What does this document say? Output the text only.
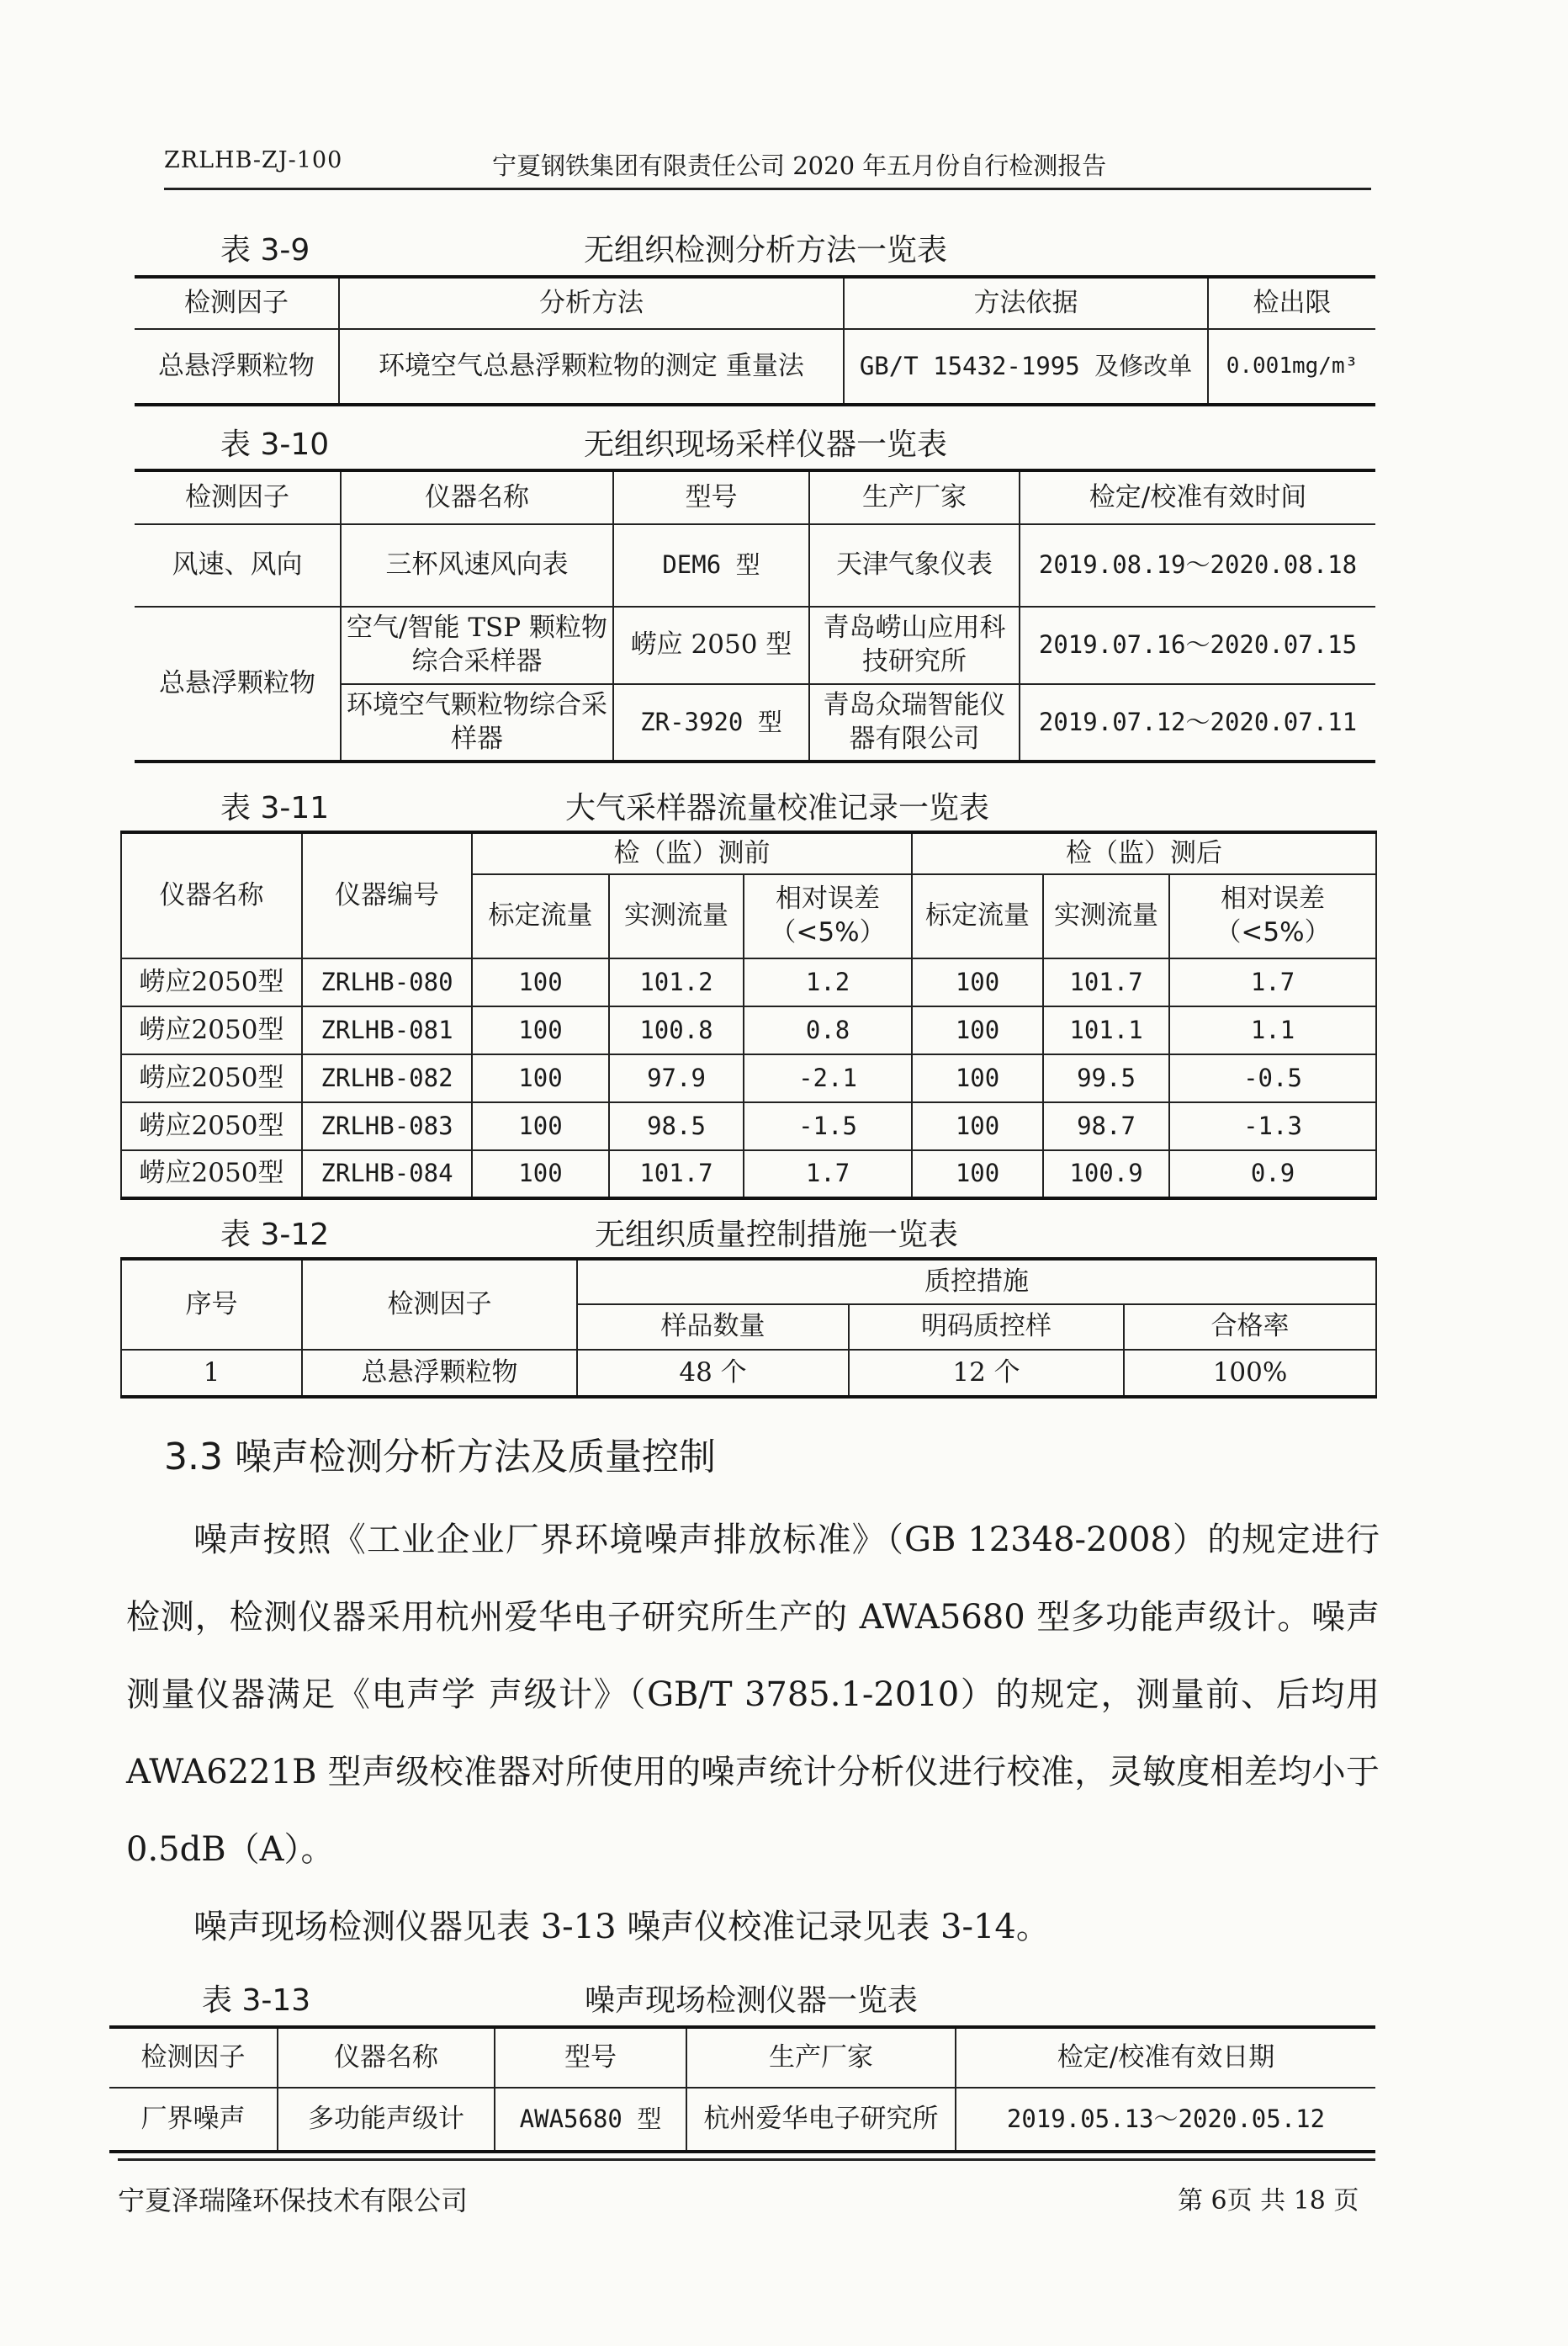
ZRLHB-ZJ-100	宁夏钢铁集团有限责任公司 2020 年五月份自行检测报告
表 3-9	无组织检测分析方法一览表
检测因子	分析方法	方法依据	检出限
总悬浮颗粒物	环境空气总悬浮颗粒物的测定 重量法	GB/T 15432-1995 及修改单	0.001mg/m³
表 3-10	无组织现场采样仪器一览表
检测因子	仪器名称	型号	生产厂家	检定/校准有效时间
风速、风向	三杯风速风向表	DEM6 型	天津气象仪表	2019.08.19～2020.08.18
总悬浮颗粒物	空气/智能 TSP 颗粒物综合采样器	崂应 2050 型	青岛崂山应用科技研究所	2019.07.16～2020.07.15
	环境空气颗粒物综合采样器	ZR-3920 型	青岛众瑞智能仪器有限公司	2019.07.12～2020.07.11
表 3-11	大气采样器流量校准记录一览表
仪器名称	仪器编号	检（监）测前			检（监）测后		
		标定流量	实测流量	相对误差（<5%）	标定流量	实测流量	相对误差（<5%）
崂应2050型	ZRLHB-080	100	101.2	1.2	100	101.7	1.7
崂应2050型	ZRLHB-081	100	100.8	0.8	100	101.1	1.1
崂应2050型	ZRLHB-082	100	97.9	-2.1	100	99.5	-0.5
崂应2050型	ZRLHB-083	100	98.5	-1.5	100	98.7	-1.3
崂应2050型	ZRLHB-084	100	101.7	1.7	100	100.9	0.9
表 3-12	无组织质量控制措施一览表
序号	检测因子	质控措施		
		样品数量	明码质控样	合格率
1	总悬浮颗粒物	48 个	12 个	100%
3.3 噪声检测分析方法及质量控制
噪声按照《工业企业厂界环境噪声排放标准》（GB 12348-2008）的规定进行检测，检测仪器采用杭州爱华电子研究所生产的 AWA5680 型多功能声级计。噪声测量仪器满足《电声学 声级计》（GB/T 3785.1-2010）的规定，测量前、后均用 AWA6221B 型声级校准器对所使用的噪声统计分析仪进行校准，灵敏度相差均小于 0.5dB（A）。
噪声现场检测仪器见表 3-13 噪声仪校准记录见表 3-14。
表 3-13	噪声现场检测仪器一览表
检测因子	仪器名称	型号	生产厂家	检定/校准有效日期
厂界噪声	多功能声级计	AWA5680 型	杭州爱华电子研究所	2019.05.13～2020.05.12
宁夏泽瑞隆环保技术有限公司	第 6页 共 18 页
